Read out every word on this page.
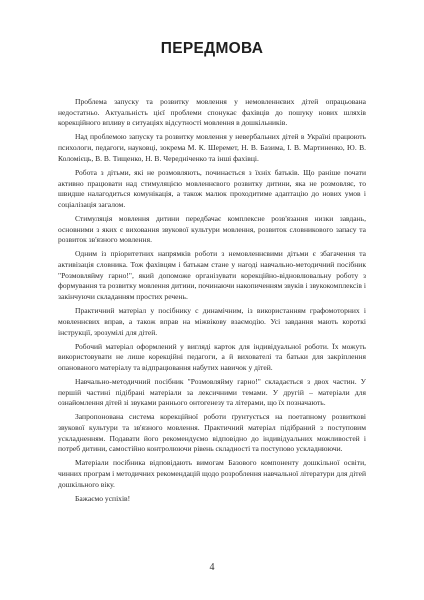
ПЕРЕДМОВА

Проблема запуску та розвитку мовлення у немовленнєвих дітей опрацьована недостатньо. Актуальність цієї проблеми спонукає фахівців до пошуку нових шляхів корекційного впливу в ситуаціях відсутності мовлення в дошкільників.

Над проблемою запуску та розвитку мовлення у невербальних дітей в Україні працюють психологи, педагоги, науковці, зокрема М. К. Шеремет, Н. В. Базима, І. В. Мартиненко, Ю. В. Коломієць, В. В. Тищенко, Н. В. Чередніченко та інші фахівці.

Робота з дітьми, які не розмовляють, починається з їхніх батьків. Що раніше почати активно працювати над стимуляцією мовленнєвого розвитку дитини, яка не розмовляє, то швидше налагодиться комунікація, а також малюк проходитиме адаптацію до нових умов і соціалізація загалом.

Стимуляція мовлення дитини передбачає комплексне розв'язання низки завдань, основними з яких є виховання звукової культури мовлення, розвиток словникового запасу та розвиток зв'язного мовлення.

Одним із пріоритетних напрямків роботи з немовленнєвими дітьми є збагачення та активізація словника. Тож фахівцям і батькам стане у нагоді навчально-методичний посібник "Розмовляйму гарно!", який допоможе організувати корекційно-відновлювальну роботу з формування та розвитку мовлення дитини, починаючи накопиченням звуків і звукокомплексів і закінчуючи складанням простих речень.

Практичний матеріал у посібнику с динамічним, із використанням графомоторних і мовленнєвих вправ, а також вправ на міжвікову взаємодію. Усі завдання мають короткі інструкції, зрозумілі для дітей.

Робочий матеріал оформлений у вигляді карток для індивідуальної роботи. Їх можуть використовувати не лише корекційні педагоги, а й вихователі та батьки для закріплення опанованого матеріалу та відпрацювання набутих навичок у дітей.

Навчально-методичний посібник "Розмовляйму гарно!" складається з двох частин. У першій частині підібрані матеріали за лексичними темами. У другій – матеріали для ознайомлення дітей зі звуками раннього онтогенезу та літерами, що їх позначають.

Запропонована система корекційної роботи ґрунтується на поетапному розвиткові звукової культури та зв'язного мовлення. Практичний матеріал підібраний з поступовим ускладненням. Подавати його рекомендуємо відповідно до індивідуальних можливостей і потреб дитини, самостійно контролюючи рівень складності та поступово ускладнюючи.

Матеріали посібника відповідають вимогам Базового компоненту дошкільної освіти, чинних програм і методичних рекомендацій щодо розроблення навчальної літератури для дітей дошкільного віку.

Бажаємо успіхів!

4
